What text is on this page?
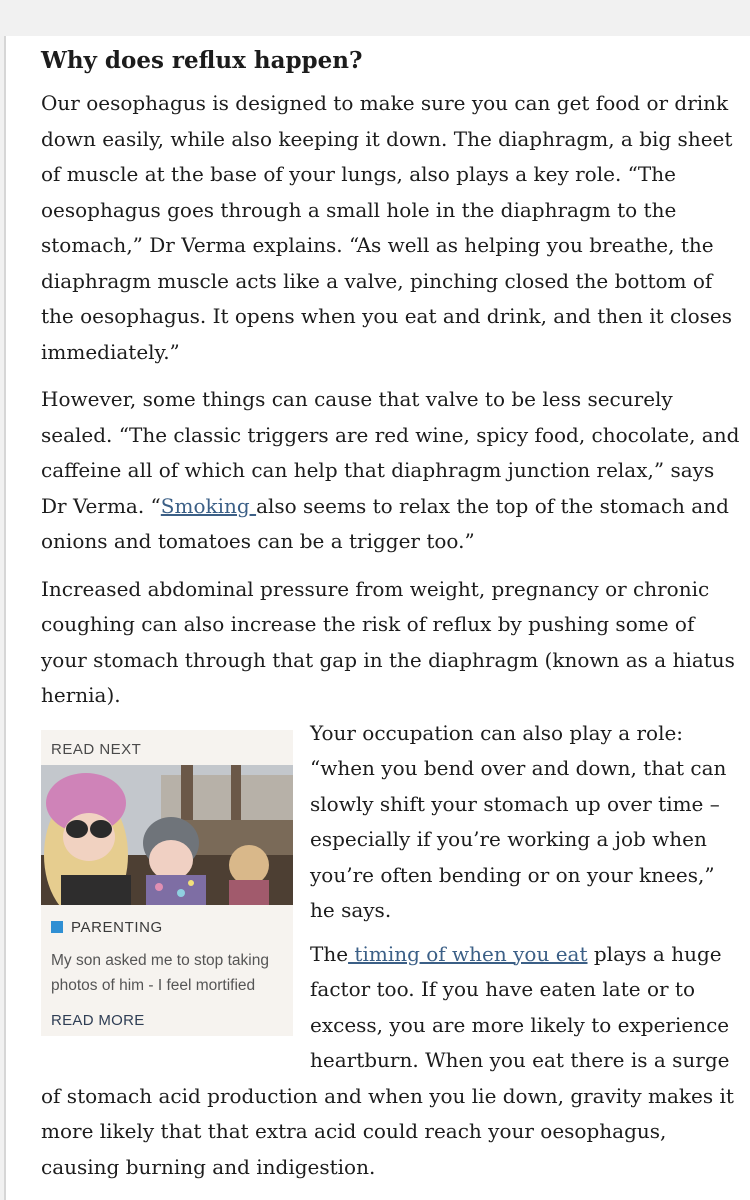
Why does reflux happen?

Our oesophagus is designed to make sure you can get food or drink down easily, while also keeping it down. The diaphragm, a big sheet of muscle at the base of your lungs, also plays a key role. “The oesophagus goes through a small hole in the diaphragm to the stomach,” Dr Verma explains. “As well as helping you breathe, the diaphragm muscle acts like a valve, pinching closed the bottom of the oesophagus. It opens when you eat and drink, and then it closes immediately.”

However, some things can cause that valve to be less securely sealed. “The classic triggers are red wine, spicy food, chocolate, and caffeine all of which can help that diaphragm junction relax,” says Dr Verma. “Smoking also seems to relax the top of the stomach and onions and tomatoes can be a trigger too.”

Increased abdominal pressure from weight, pregnancy or chronic coughing can also increase the risk of reflux by pushing some of your stomach through that gap in the diaphragm (known as a hiatus hernia).

READ NEXT
PARENTING
My son asked me to stop taking photos of him - I feel mortified
READ MORE

Your occupation can also play a role: “when you bend over and down, that can slowly shift your stomach up over time – especially if you’re working a job when you’re often bending or on your knees,” he says.

The timing of when you eat plays a huge factor too. If you have eaten late or to excess, you are more likely to experience heartburn. When you eat there is a surge of stomach acid production and when you lie down, gravity makes it more likely that that extra acid could reach your oesophagus, causing burning and indigestion.
